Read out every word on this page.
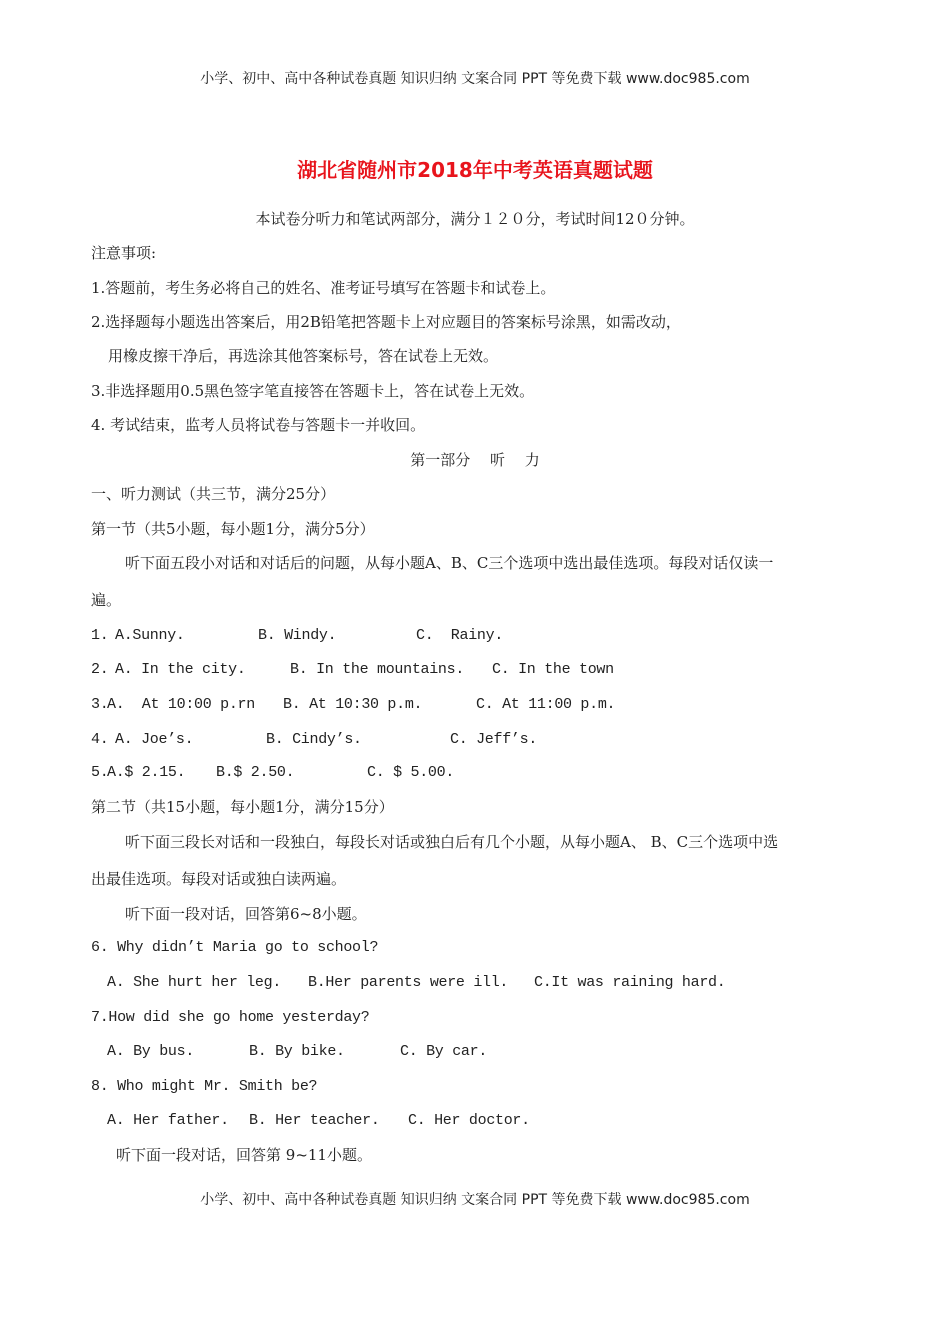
小学、初中、高中各种试卷真题 知识归纳 文案合同 PPT 等免费下载 www.doc985.com
湖北省随州市2018年中考英语真题试题
本试卷分听力和笔试两部分，满分１２０分，考试时间12０分钟。
注意事项:
1.答题前，考生务必将自己的姓名、准考证号填写在答题卡和试卷上。
2.选择题每小题选出答案后，用2B铅笔把答题卡上对应题目的答案标号涂黑，如需改动，
用橡皮擦干净后，再选涂其他答案标号，答在试卷上无效。
3.非选择题用0.5黑色签字笔直接答在答题卡上，答在试卷上无效。
4. 考试结束，监考人员将试卷与答题卡一并收回。
第一部分　 听　 力
一、听力测试（共三节，满分25分）
第一节（共5小题，每小题1分，满分5分）
听下面五段小对话和对话后的问题，从每小题A、B、C三个选项中选出最佳选项。每段对话仅读一
遍。
1. A.Sunny.	B. Windy.	C.  Rainy.
2. A. In the city.	B. In the mountains. C. In the town
3.
A.  At 10:00 p.rn B. At 10:30 p.m.	C. At 11:00 p.m.
4. A. Joe’s.	B. Cindy’s.	C. Jeff’s.
5.
A.$ 2.15. B.$ 2.50.	C. $ 5.00.
第二节（共15小题，每小题1分，满分15分）
听下面三段长对话和一段独白，每段长对话或独白后有几个小题，从每小题A、 B、C三个选项中选
出最佳选项。每段对话或独白读两遍。
听下面一段对话，回答第6~8小题。
6. Why didn’t Maria go to school?
A. She hurt her leg. B.Her parents were ill. C.It was raining hard.
7.How did she go home yesterday?
A. By bus.	B. By bike.	C. By car.
8. Who might Mr. Smith be?
A. Her father. B. Her teacher. C. Her doctor.
听下面一段对话，回答第 9~11小题。
小学、初中、高中各种试卷真题 知识归纳 文案合同 PPT 等免费下载 www.doc985.com
